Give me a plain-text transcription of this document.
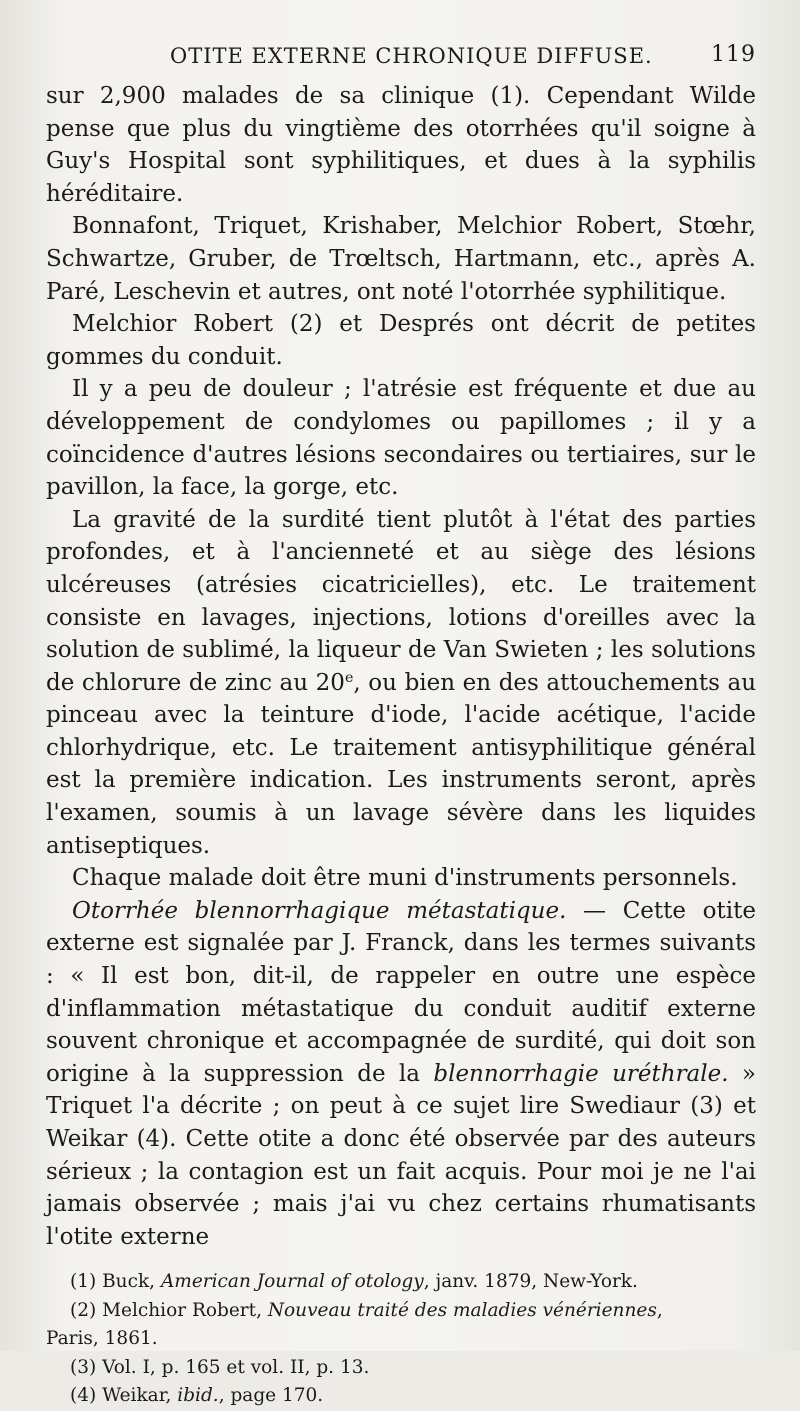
OTITE EXTERNE CHRONIQUE DIFFUSE.	119

sur 2,900 malades de sa clinique (1). Cependant Wilde pense que plus du vingtième des otorrhées qu'il soigne à Guy's Hospital sont syphilitiques, et dues à la syphilis héréditaire.

Bonnafont, Triquet, Krishaber, Melchior Robert, Stœhr, Schwartze, Gruber, de Trœltsch, Hartmann, etc., après A. Paré, Leschevin et autres, ont noté l'otorrhée syphilitique.

Melchior Robert (2) et Després ont décrit de petites gommes du conduit.

Il y a peu de douleur ; l'atrésie est fréquente et due au développement de condylomes ou papillomes ; il y a coïncidence d'autres lésions secondaires ou tertiaires, sur le pavillon, la face, la gorge, etc.

La gravité de la surdité tient plutôt à l'état des parties profondes, et à l'ancienneté et au siège des lésions ulcéreuses (atrésies cicatricielles), etc. Le traitement consiste en lavages, injections, lotions d'oreilles avec la solution de sublimé, la liqueur de Van Swieten ; les solutions de chlorure de zinc au 20e, ou bien en des attouchements au pinceau avec la teinture d'iode, l'acide acétique, l'acide chlorhydrique, etc. Le traitement antisyphilitique général est la première indication. Les instruments seront, après l'examen, soumis à un lavage sévère dans les liquides antiseptiques.

Chaque malade doit être muni d'instruments personnels.

Otorrhée blennorrhagique métastatique. — Cette otite externe est signalée par J. Franck, dans les termes suivants : « Il est bon, dit-il, de rappeler en outre une espèce d'inflammation métastatique du conduit auditif externe souvent chronique et accompagnée de surdité, qui doit son origine à la suppression de la blennorrhagie uréthrale. » Triquet l'a décrite ; on peut à ce sujet lire Swediaur (3) et Weikar (4). Cette otite a donc été observée par des auteurs sérieux ; la contagion est un fait acquis. Pour moi je ne l'ai jamais observée ; mais j'ai vu chez certains rhumatisants l'otite externe

(1) Buck, American Journal of otology, janv. 1879, New-York.

(2) Melchior Robert, Nouveau traité des maladies vénériennes,

Paris, 1861.

(3) Vol. I, p. 165 et vol. II, p. 13.

(4) Weikar, ibid., page 170.
